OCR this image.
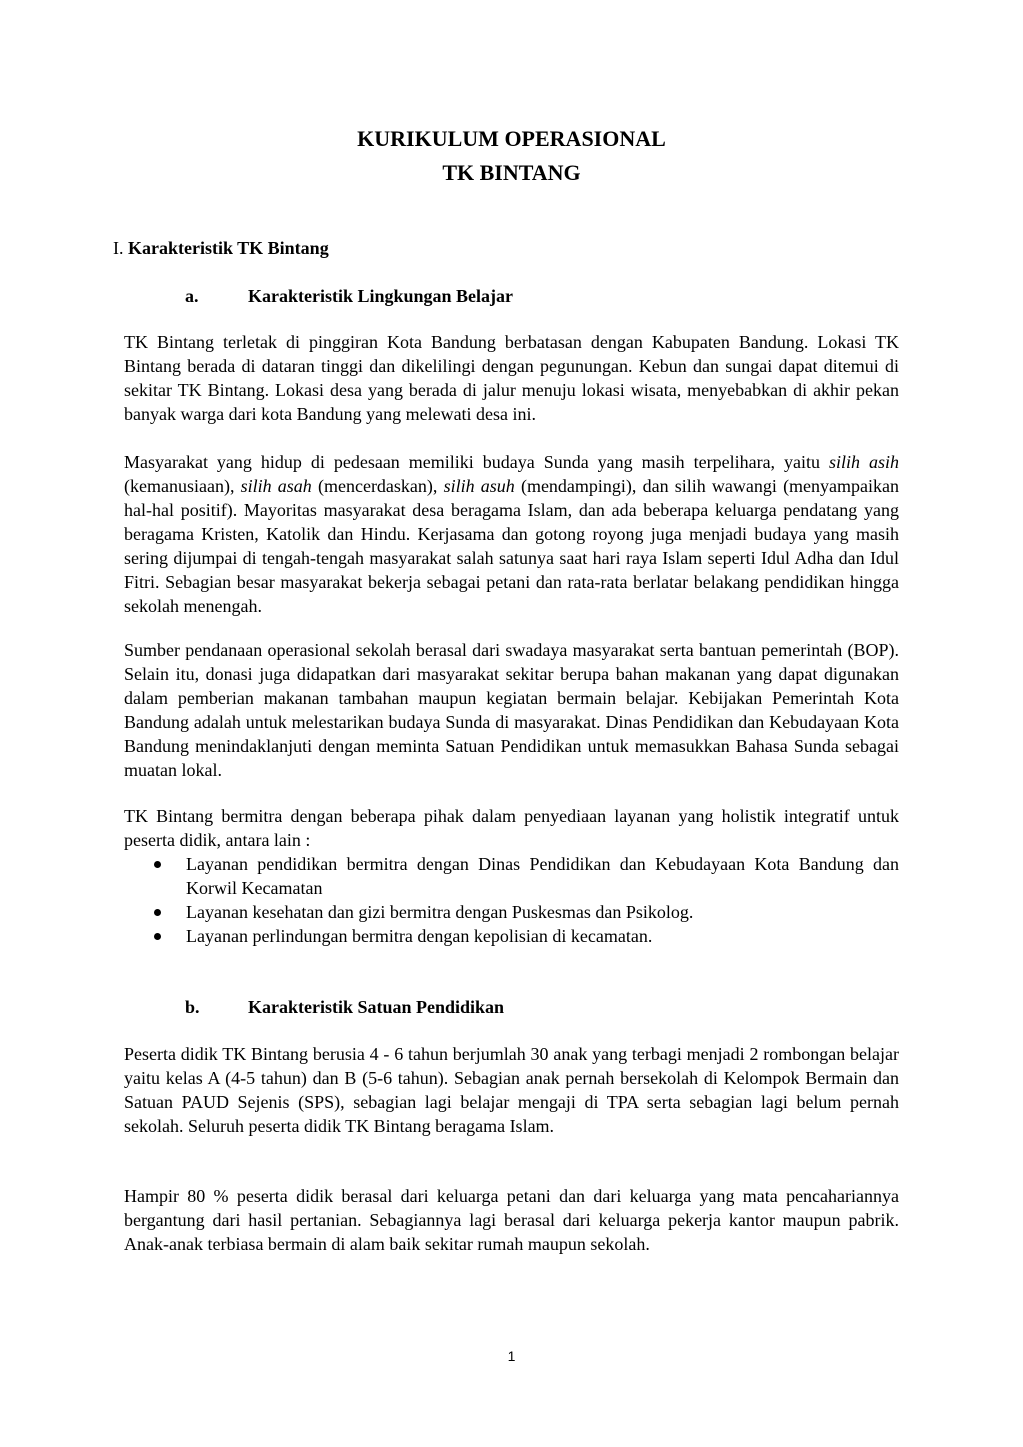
KURIKULUM OPERASIONAL
TK BINTANG
I. Karakteristik TK Bintang
a.	Karakteristik Lingkungan Belajar

TK Bintang terletak di pinggiran Kota Bandung berbatasan dengan Kabupaten Bandung. Lokasi TK Bintang berada di dataran tinggi dan dikelilingi dengan pegunungan. Kebun dan sungai dapat ditemui di sekitar TK Bintang. Lokasi desa yang berada di jalur menuju lokasi wisata, menyebabkan di akhir pekan banyak warga dari kota Bandung yang melewati desa ini.

Masyarakat yang hidup di pedesaan memiliki budaya Sunda yang masih terpelihara, yaitu silih asih (kemanusiaan), silih asah (mencerdaskan), silih asuh (mendampingi), dan silih wawangi (menyampaikan hal-hal positif). Mayoritas masyarakat desa beragama Islam, dan ada beberapa keluarga pendatang yang beragama Kristen, Katolik dan Hindu. Kerjasama dan gotong royong juga menjadi budaya yang masih sering dijumpai di tengah-tengah masyarakat salah satunya saat hari raya Islam seperti Idul Adha dan Idul Fitri. Sebagian besar masyarakat bekerja sebagai petani dan rata-rata berlatar belakang pendidikan hingga sekolah menengah.

Sumber pendanaan operasional sekolah berasal dari swadaya masyarakat serta bantuan pemerintah (BOP). Selain itu, donasi juga didapatkan dari masyarakat sekitar berupa bahan makanan yang dapat digunakan dalam pemberian makanan tambahan maupun kegiatan bermain belajar. Kebijakan Pemerintah Kota Bandung adalah untuk melestarikan budaya Sunda di masyarakat. Dinas Pendidikan dan Kebudayaan Kota Bandung menindaklanjuti dengan meminta Satuan Pendidikan untuk memasukkan Bahasa Sunda sebagai muatan lokal.

TK Bintang bermitra dengan beberapa pihak dalam penyediaan layanan yang holistik integratif untuk peserta didik, antara lain :

Layanan pendidikan bermitra dengan Dinas Pendidikan dan Kebudayaan Kota Bandung dan Korwil Kecamatan
Layanan kesehatan dan gizi bermitra dengan Puskesmas dan Psikolog.
Layanan perlindungan bermitra dengan kepolisian di kecamatan.
b.	Karakteristik Satuan Pendidikan

Peserta didik TK Bintang berusia 4 - 6 tahun berjumlah 30 anak yang terbagi menjadi 2 rombongan belajar yaitu kelas A (4-5 tahun) dan B (5-6 tahun). Sebagian anak pernah bersekolah di Kelompok Bermain dan Satuan PAUD Sejenis (SPS), sebagian lagi belajar mengaji di TPA serta sebagian lagi belum pernah sekolah. Seluruh peserta didik TK Bintang beragama Islam.

Hampir 80 % peserta didik berasal dari keluarga petani dan dari keluarga yang mata pencahariannya bergantung dari hasil pertanian. Sebagiannya lagi berasal dari keluarga pekerja kantor maupun pabrik. Anak-anak terbiasa bermain di alam baik sekitar rumah maupun sekolah.

1
